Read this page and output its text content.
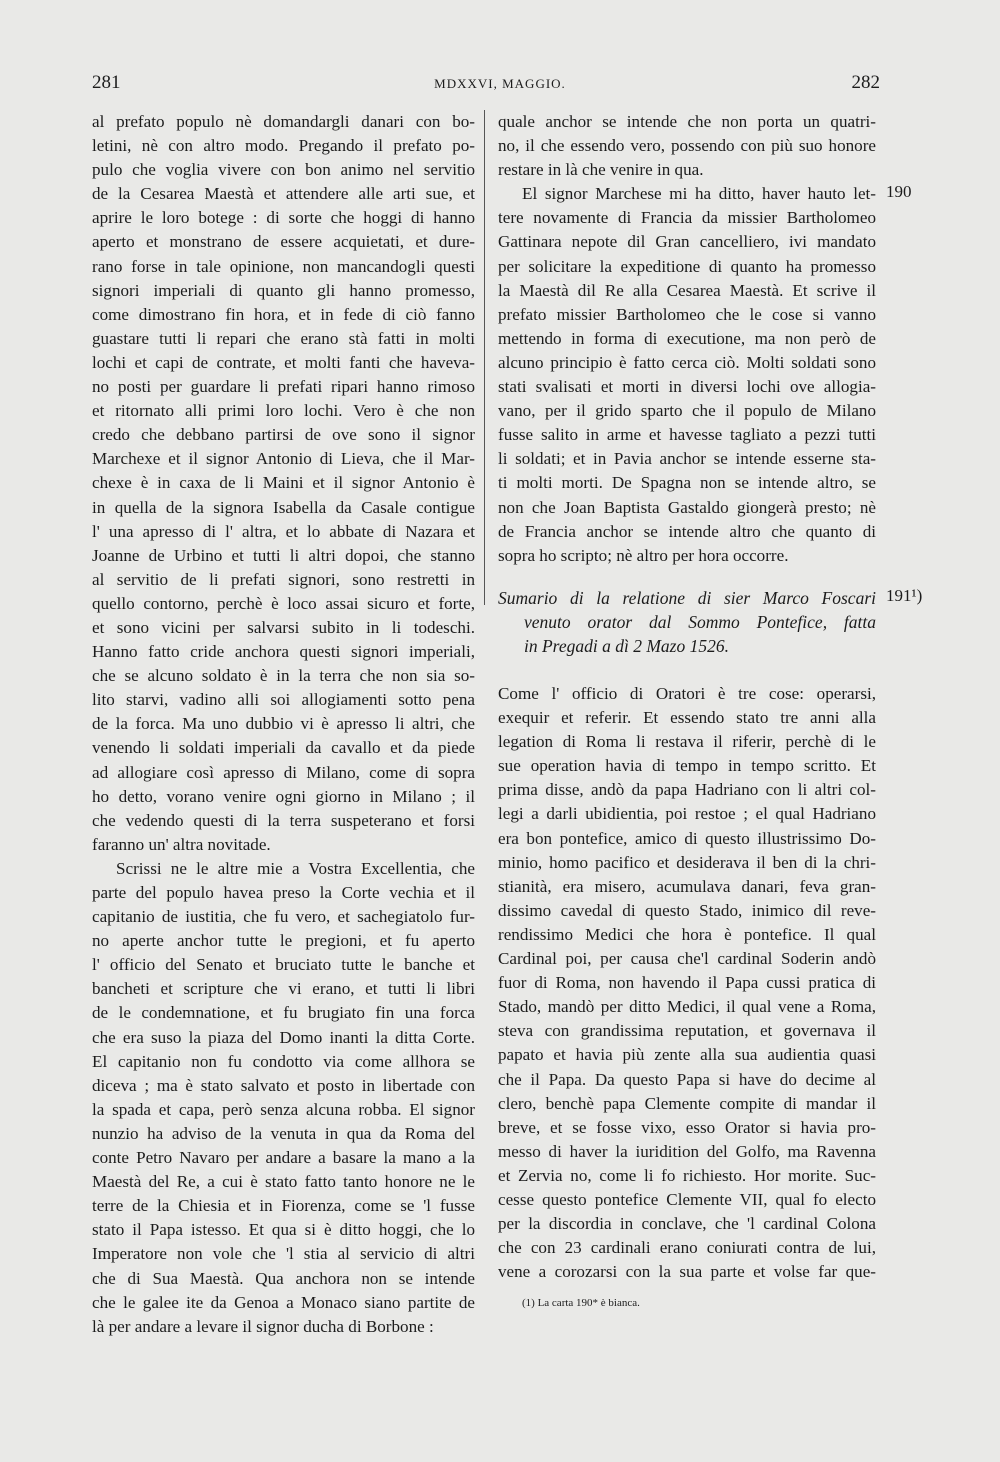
281	MDXXVI, MAGGIO.	282

al prefato populo nè domandargli danari con bo-

letini, nè con altro modo. Pregando il prefato po-

pulo che voglia vivere con bon animo nel servitio

de la Cesarea Maestà et attendere alle arti sue, et

aprire le loro botege : di sorte che hoggi di hanno

aperto et monstrano de essere acquietati, et dure-

rano forse in tale opinione, non mancandogli questi

signori imperiali di quanto gli hanno promesso,

come dimostrano fin hora, et in fede di ciò fanno

guastare tutti li repari che erano stà fatti in molti

lochi et capi de contrate, et molti fanti che haveva-

no posti per guardare li prefati ripari hanno rimoso

et ritornato alli primi loro lochi. Vero è che non

credo che debbano partirsi de ove sono il signor

Marchexe et il signor Antonio di Lieva, che il Mar-

chexe è in caxa de li Maini et il signor Antonio è

in quella de la signora Isabella da Casale contigue

l' una apresso di l' altra, et lo abbate di Nazara et

Joanne de Urbino et tutti li altri dopoi, che stanno

al servitio de li prefati signori, sono restretti in

quello contorno, perchè è loco assai sicuro et forte,

et sono vicini per salvarsi subito in li todeschi.

Hanno fatto cride anchora questi signori imperiali,

che se alcuno soldato è in la terra che non sia so-

lito starvi, vadino alli soi allogiamenti sotto pena

de la forca. Ma uno dubbio vi è apresso li altri, che

venendo li soldati imperiali da cavallo et da piede

ad allogiare così apresso di Milano, come di sopra

ho detto, vorano venire ogni giorno in Milano ; il

che vedendo questi di la terra suspeterano et forsi

faranno un' altra novitade.

Scrissi ne le altre mie a Vostra Excellentia, che

parte del populo havea preso la Corte vechia et il

capitanio de iustitia, che fu vero, et sachegiatolo fur-

no aperte anchor tutte le pregioni, et fu aperto

l' officio del Senato et bruciato tutte le banche et

bancheti et scripture che vi erano, et tutti li libri

de le condemnatione, et fu brugiato fin una forca

che era suso la piaza del Domo inanti la ditta Corte.

El capitanio non fu condotto via come allhora se

diceva ; ma è stato salvato et posto in libertade con

la spada et capa, però senza alcuna robba. El signor

nunzio ha adviso de la venuta in qua da Roma del

conte Petro Navaro per andare a basare la mano a la

Maestà del Re, a cui è stato fatto tanto honore ne le

terre de la Chiesia et in Fiorenza, come se 'l fusse

stato il Papa istesso. Et qua si è ditto hoggi, che lo

Imperatore non vole che 'l stia al servicio di altri

che di Sua Maestà. Qua anchora non se intende

che le galee ite da Genoa a Monaco siano partite de

là per andare a levare il signor ducha di Borbone :

quale anchor se intende che non porta un quatri-

no, il che essendo vero, possendo con più suo honore

restare in là che venire in qua.

El signor Marchese mi ha ditto, haver hauto let-

tere novamente di Francia da missier Bartholomeo

Gattinara nepote dil Gran cancelliero, ivi mandato

per solicitare la expeditione di quanto ha promesso

la Maestà dil Re alla Cesarea Maestà. Et scrive il

prefato missier Bartholomeo che le cose si vanno

mettendo in forma di executione, ma non però de

alcuno principio è fatto cerca ciò. Molti soldati sono

stati svalisati et morti in diversi lochi ove allogia-

vano, per il grido sparto che il populo de Milano

fusse salito in arme et havesse tagliato a pezzi tutti

li soldati; et in Pavia anchor se intende esserne sta-

ti molti morti. De Spagna non se intende altro, se

non che Joan Baptista Gastaldo giongerà presto; nè

de Francia anchor se intende altro che quanto di

sopra ho scripto; nè altro per hora occorre.

190
Sumario di la relatione di sier Marco Foscari
venuto orator dal Sommo Pontefice, fatta
in Pregadi a dì 2 Mazo 1526.
191¹)

Come l' officio di Oratori è tre cose: operarsi,

exequir et referir. Et essendo stato tre anni alla

legation di Roma li restava il riferir, perchè di le

sue operation havia di tempo in tempo scritto. Et

prima disse, andò da papa Hadriano con li altri col-

legi a darli ubidientia, poi restoe ; el qual Hadriano

era bon pontefice, amico di questo illustrissimo Do-

minio, homo pacifico et desiderava il ben di la chri-

stianità, era misero, acumulava danari, feva gran-

dissimo cavedal di questo Stado, inimico dil reve-

rendissimo Medici che hora è pontefice. Il qual

Cardinal poi, per causa che'l cardinal Soderin andò

fuor di Roma, non havendo il Papa cussi pratica di

Stado, mandò per ditto Medici, il qual vene a Roma,

steva con grandissima reputation, et governava il

papato et havia più zente alla sua audientia quasi

che il Papa. Da questo Papa si have do decime al

clero, benchè papa Clemente compite di mandar il

breve, et se fosse vixo, esso Orator si havia pro-

messo di haver la iuridition del Golfo, ma Ravenna

et Zervia no, come li fo richiesto. Hor morite. Suc-

cesse questo pontefice Clemente VII, qual fo electo

per la discordia in conclave, che 'l cardinal Colona

che con 23 cardinali erano coniurati contra de lui,

vene a corozarsi con la sua parte et volse far que-

(1) La carta 190* è bianca.
